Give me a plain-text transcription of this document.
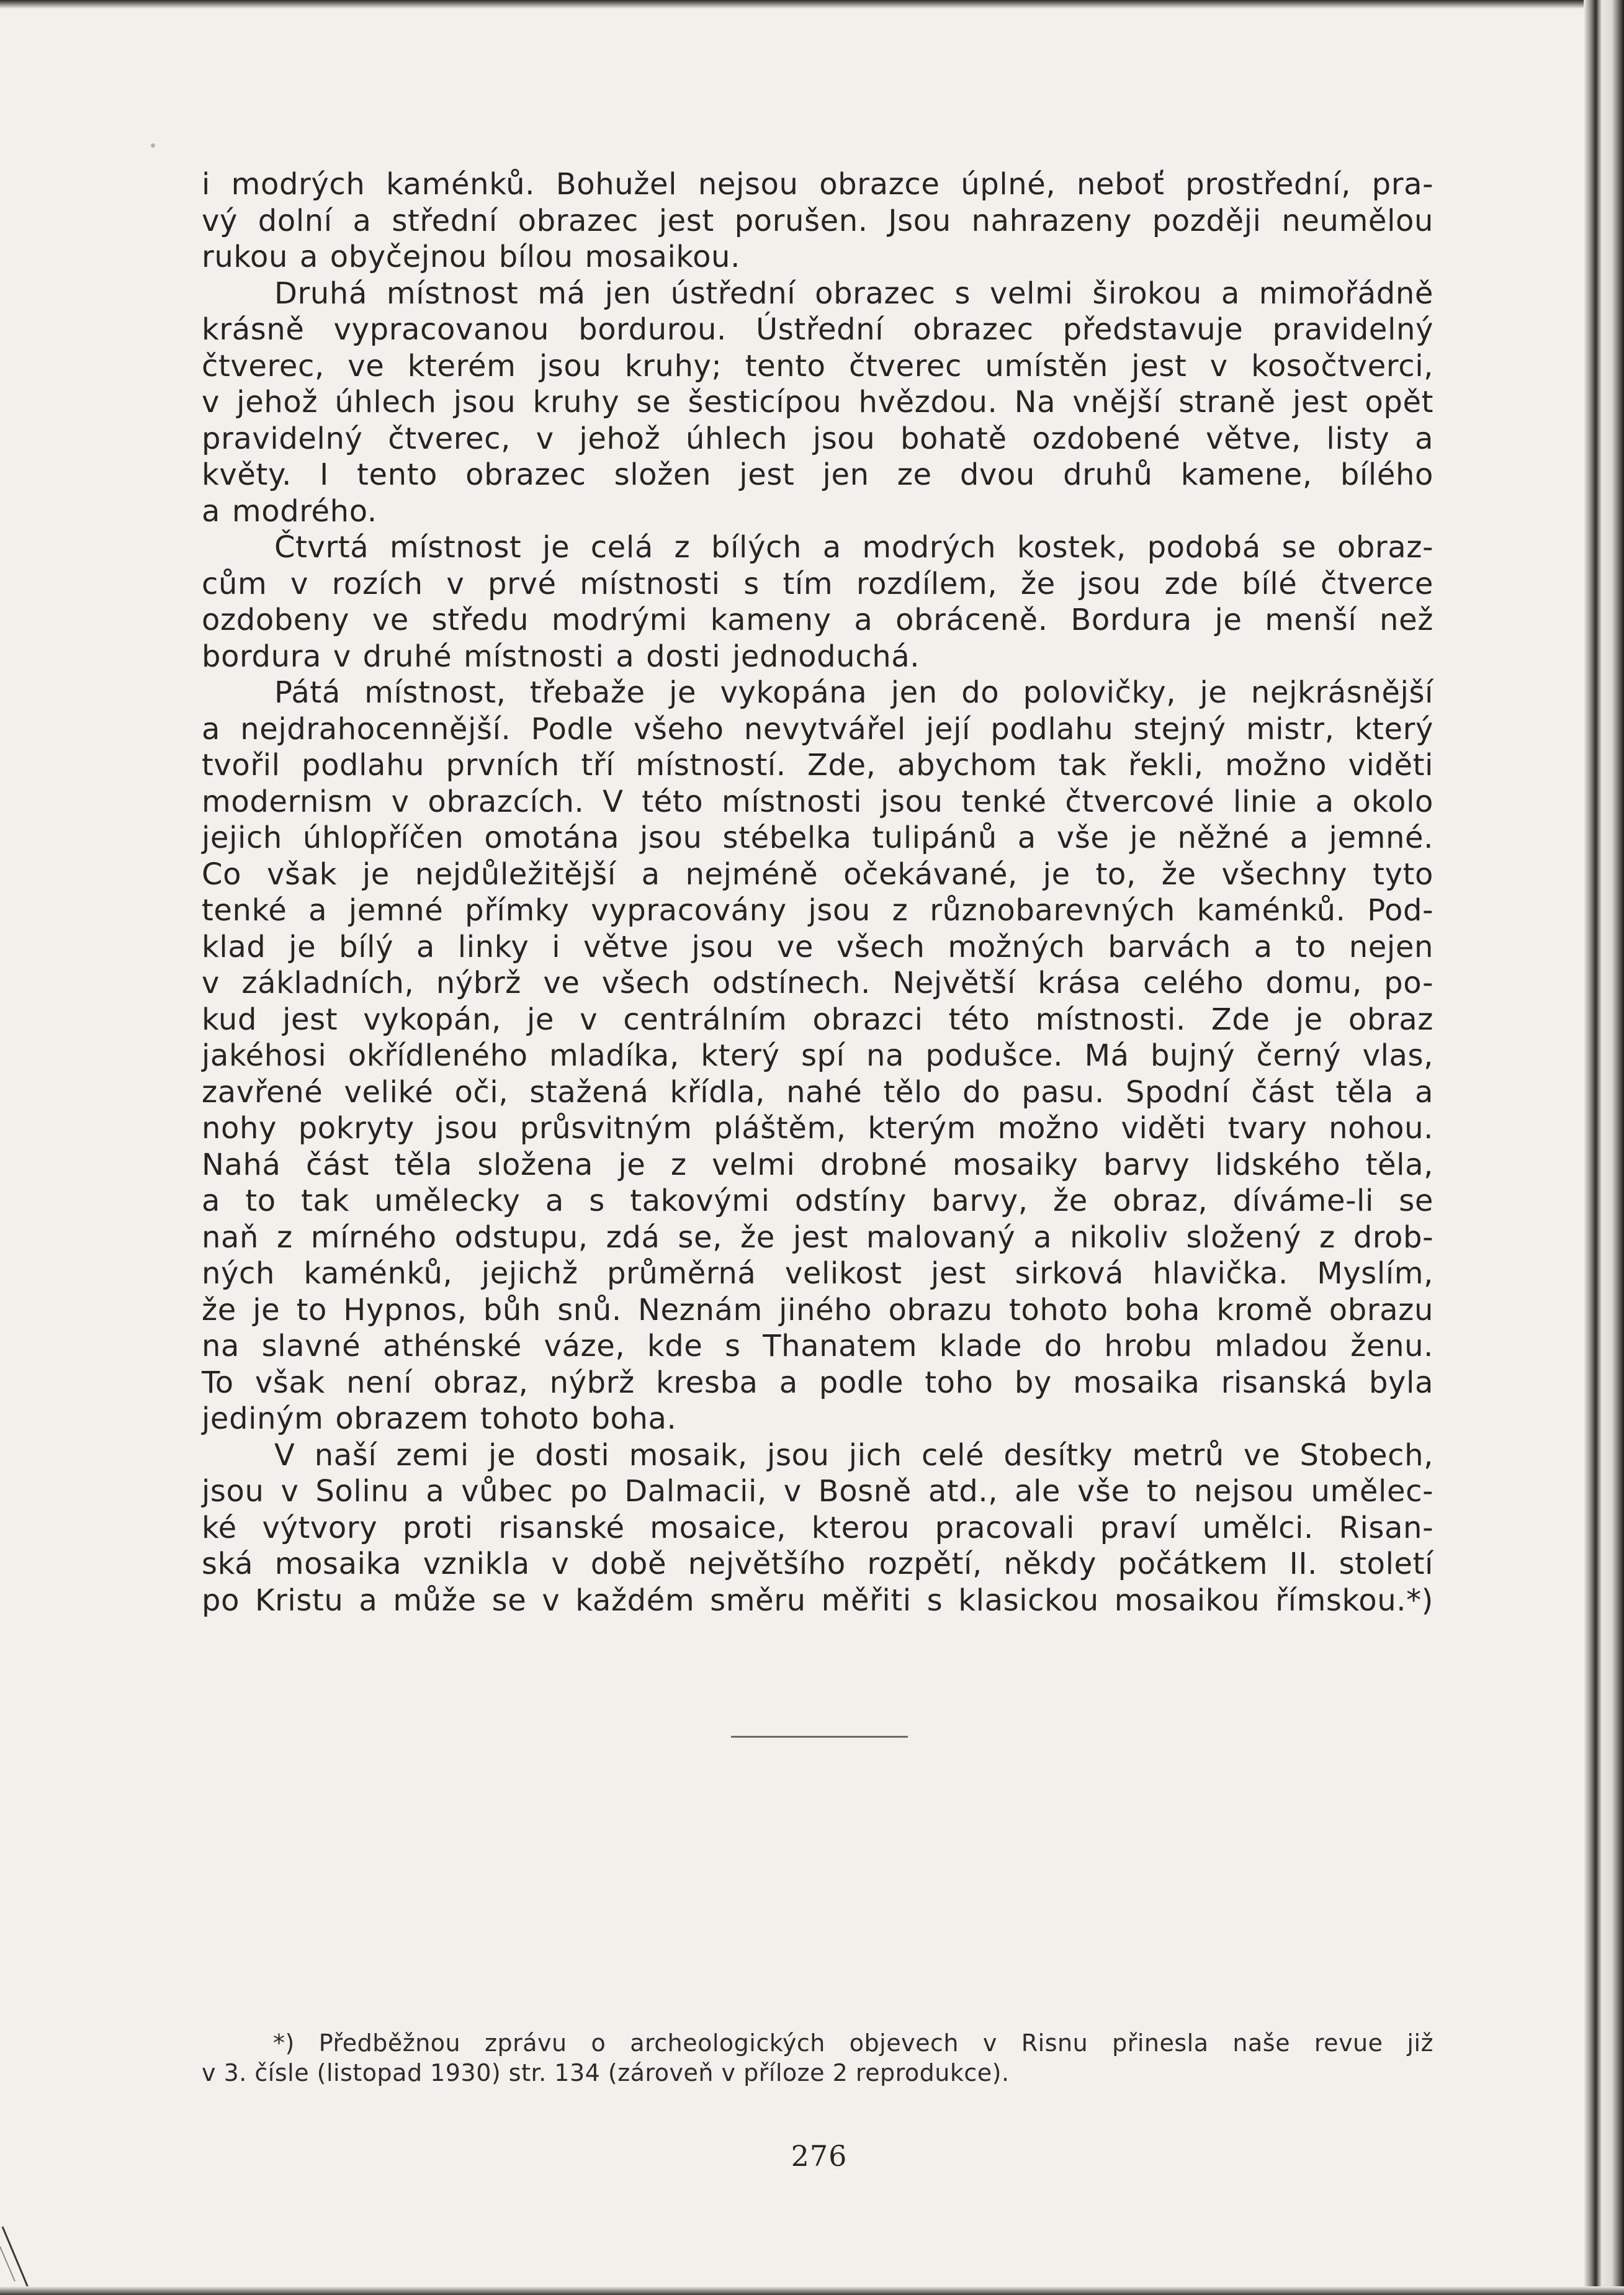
i modrých kaménků. Bohužel nejsou obrazce úplné, neboť prostřední, pra-
vý dolní a střední obrazec jest porušen. Jsou nahrazeny později neumělou
rukou a obyčejnou bílou mosaikou.
Druhá místnost má jen ústřední obrazec s velmi širokou a mimořádně
krásně vypracovanou bordurou. Ústřední obrazec představuje pravidelný
čtverec, ve kterém jsou kruhy; tento čtverec umístěn jest v kosočtverci,
v jehož úhlech jsou kruhy se šesticípou hvězdou. Na vnější straně jest opět
pravidelný čtverec, v jehož úhlech jsou bohatě ozdobené větve, listy a
květy. I tento obrazec složen jest jen ze dvou druhů kamene, bílého
a modrého.
Čtvrtá místnost je celá z bílých a modrých kostek, podobá se obraz-
cům v rozích v prvé místnosti s tím rozdílem, že jsou zde bílé čtverce
ozdobeny ve středu modrými kameny a obráceně. Bordura je menší než
bordura v druhé místnosti a dosti jednoduchá.
Pátá místnost, třebaže je vykopána jen do polovičky, je nejkrásnější
a nejdrahocennější. Podle všeho nevytvářel její podlahu stejný mistr, který
tvořil podlahu prvních tří místností. Zde, abychom tak řekli, možno viděti
modernism v obrazcích. V této místnosti jsou tenké čtvercové linie a okolo
jejich úhlopříčen omotána jsou stébelka tulipánů a vše je něžné a jemné.
Co však je nejdůležitější a nejméně očekávané, je to, že všechny tyto
tenké a jemné přímky vypracovány jsou z různobarevných kaménků. Pod-
klad je bílý a linky i větve jsou ve všech možných barvách a to nejen
v základních, nýbrž ve všech odstínech. Největší krása celého domu, po-
kud jest vykopán, je v centrálním obrazci této místnosti. Zde je obraz
jakéhosi okřídleného mladíka, který spí na podušce. Má bujný černý vlas,
zavřené veliké oči, stažená křídla, nahé tělo do pasu. Spodní část těla a
nohy pokryty jsou průsvitným pláštěm, kterým možno viděti tvary nohou.
Nahá část těla složena je z velmi drobné mosaiky barvy lidského těla,
a to tak umělecky a s takovými odstíny barvy, že obraz, díváme-li se
naň z mírného odstupu, zdá se, že jest malovaný a nikoliv složený z drob-
ných kaménků, jejichž průměrná velikost jest sirková hlavička. Myslím,
že je to Hypnos, bůh snů. Neznám jiného obrazu tohoto boha kromě obrazu
na slavné athénské váze, kde s Thanatem klade do hrobu mladou ženu.
To však není obraz, nýbrž kresba a podle toho by mosaika risanská byla
jediným obrazem tohoto boha.
V naší zemi je dosti mosaik, jsou jich celé desítky metrů ve Stobech,
jsou v Solinu a vůbec po Dalmacii, v Bosně atd., ale vše to nejsou umělec-
ké výtvory proti risanské mosaice, kterou pracovali praví umělci. Risan-
ská mosaika vznikla v době největšího rozpětí, někdy počátkem II. století
po Kristu a může se v každém směru měřiti s klasickou mosaikou římskou.*)
*) Předběžnou zprávu o archeologických objevech v Risnu přinesla naše revue již
v 3. čísle (listopad 1930) str. 134 (zároveň v příloze 2 reprodukce).
276
